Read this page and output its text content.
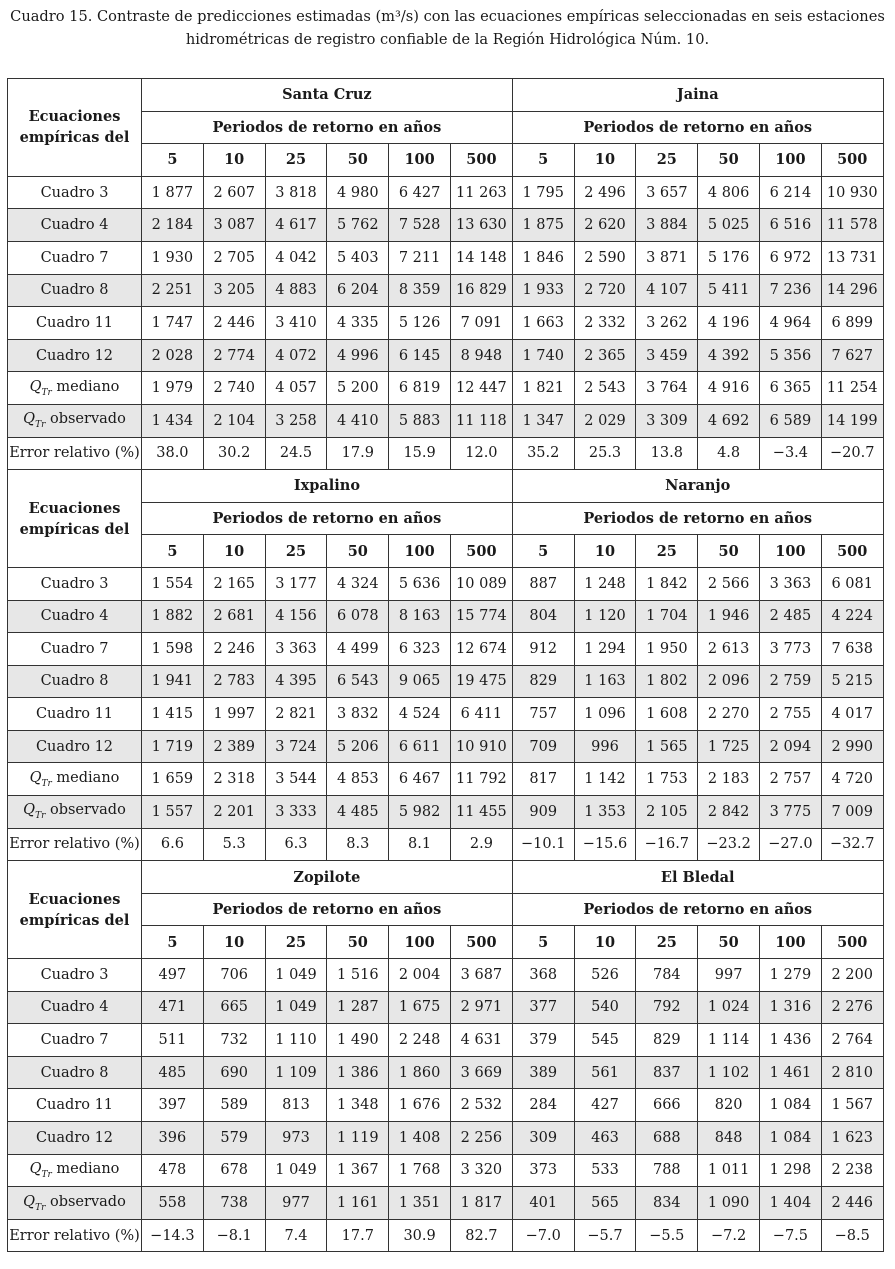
Cuadro 15. Contraste de predicciones estimadas (m³/s) con las ecuaciones empíricas seleccionadas en seis estaciones
hidrométricas de registro confiable de la Región Hidrológica Núm. 10.
Ecuaciones empíricas del	Santa Cruz						Jaina					
	Periodos de retorno en años						Periodos de retorno en años					
	5	10	25	50	100	500	5	10	25	50	100	500
Cuadro 3	1 877	2 607	3 818	4 980	6 427	11 263	1 795	2 496	3 657	4 806	6 214	10 930
Cuadro 4	2 184	3 087	4 617	5 762	7 528	13 630	1 875	2 620	3 884	5 025	6 516	11 578
Cuadro 7	1 930	2 705	4 042	5 403	7 211	14 148	1 846	2 590	3 871	5 176	6 972	13 731
Cuadro 8	2 251	3 205	4 883	6 204	8 359	16 829	1 933	2 720	4 107	5 411	7 236	14 296
Cuadro 11	1 747	2 446	3 410	4 335	5 126	7 091	1 663	2 332	3 262	4 196	4 964	6 899
Cuadro 12	2 028	2 774	4 072	4 996	6 145	8 948	1 740	2 365	3 459	4 392	5 356	7 627
$Q_{Tr}$ mediano	1 979	2 740	4 057	5 200	6 819	12 447	1 821	2 543	3 764	4 916	6 365	11 254
$Q_{Tr}$ observado	1 434	2 104	3 258	4 410	5 883	11 118	1 347	2 029	3 309	4 692	6 589	14 199
Error relativo (%)	38.0	30.2	24.5	17.9	15.9	12.0	35.2	25.3	13.8	4.8	−3.4	−20.7
Ecuaciones empíricas del	Ixpalino						Naranjo					
	Periodos de retorno en años						Periodos de retorno en años					
	5	10	25	50	100	500	5	10	25	50	100	500
Cuadro 3	1 554	2 165	3 177	4 324	5 636	10 089	887	1 248	1 842	2 566	3 363	6 081
Cuadro 4	1 882	2 681	4 156	6 078	8 163	15 774	804	1 120	1 704	1 946	2 485	4 224
Cuadro 7	1 598	2 246	3 363	4 499	6 323	12 674	912	1 294	1 950	2 613	3 773	7 638
Cuadro 8	1 941	2 783	4 395	6 543	9 065	19 475	829	1 163	1 802	2 096	2 759	5 215
Cuadro 11	1 415	1 997	2 821	3 832	4 524	6 411	757	1 096	1 608	2 270	2 755	4 017
Cuadro 12	1 719	2 389	3 724	5 206	6 611	10 910	709	996	1 565	1 725	2 094	2 990
$Q_{Tr}$ mediano	1 659	2 318	3 544	4 853	6 467	11 792	817	1 142	1 753	2 183	2 757	4 720
$Q_{Tr}$ observado	1 557	2 201	3 333	4 485	5 982	11 455	909	1 353	2 105	2 842	3 775	7 009
Error relativo (%)	6.6	5.3	6.3	8.3	8.1	2.9	−10.1	−15.6	−16.7	−23.2	−27.0	−32.7
Ecuaciones empíricas del	Zopilote						El Bledal					
	Periodos de retorno en años						Periodos de retorno en años					
	5	10	25	50	100	500	5	10	25	50	100	500
Cuadro 3	497	706	1 049	1 516	2 004	3 687	368	526	784	997	1 279	2 200
Cuadro 4	471	665	1 049	1 287	1 675	2 971	377	540	792	1 024	1 316	2 276
Cuadro 7	511	732	1 110	1 490	2 248	4 631	379	545	829	1 114	1 436	2 764
Cuadro 8	485	690	1 109	1 386	1 860	3 669	389	561	837	1 102	1 461	2 810
Cuadro 11	397	589	813	1 348	1 676	2 532	284	427	666	820	1 084	1 567
Cuadro 12	396	579	973	1 119	1 408	2 256	309	463	688	848	1 084	1 623
$Q_{Tr}$ mediano	478	678	1 049	1 367	1 768	3 320	373	533	788	1 011	1 298	2 238
$Q_{Tr}$ observado	558	738	977	1 161	1 351	1 817	401	565	834	1 090	1 404	2 446
Error relativo (%)	−14.3	−8.1	7.4	17.7	30.9	82.7	−7.0	−5.7	−5.5	−7.2	−7.5	−8.5
